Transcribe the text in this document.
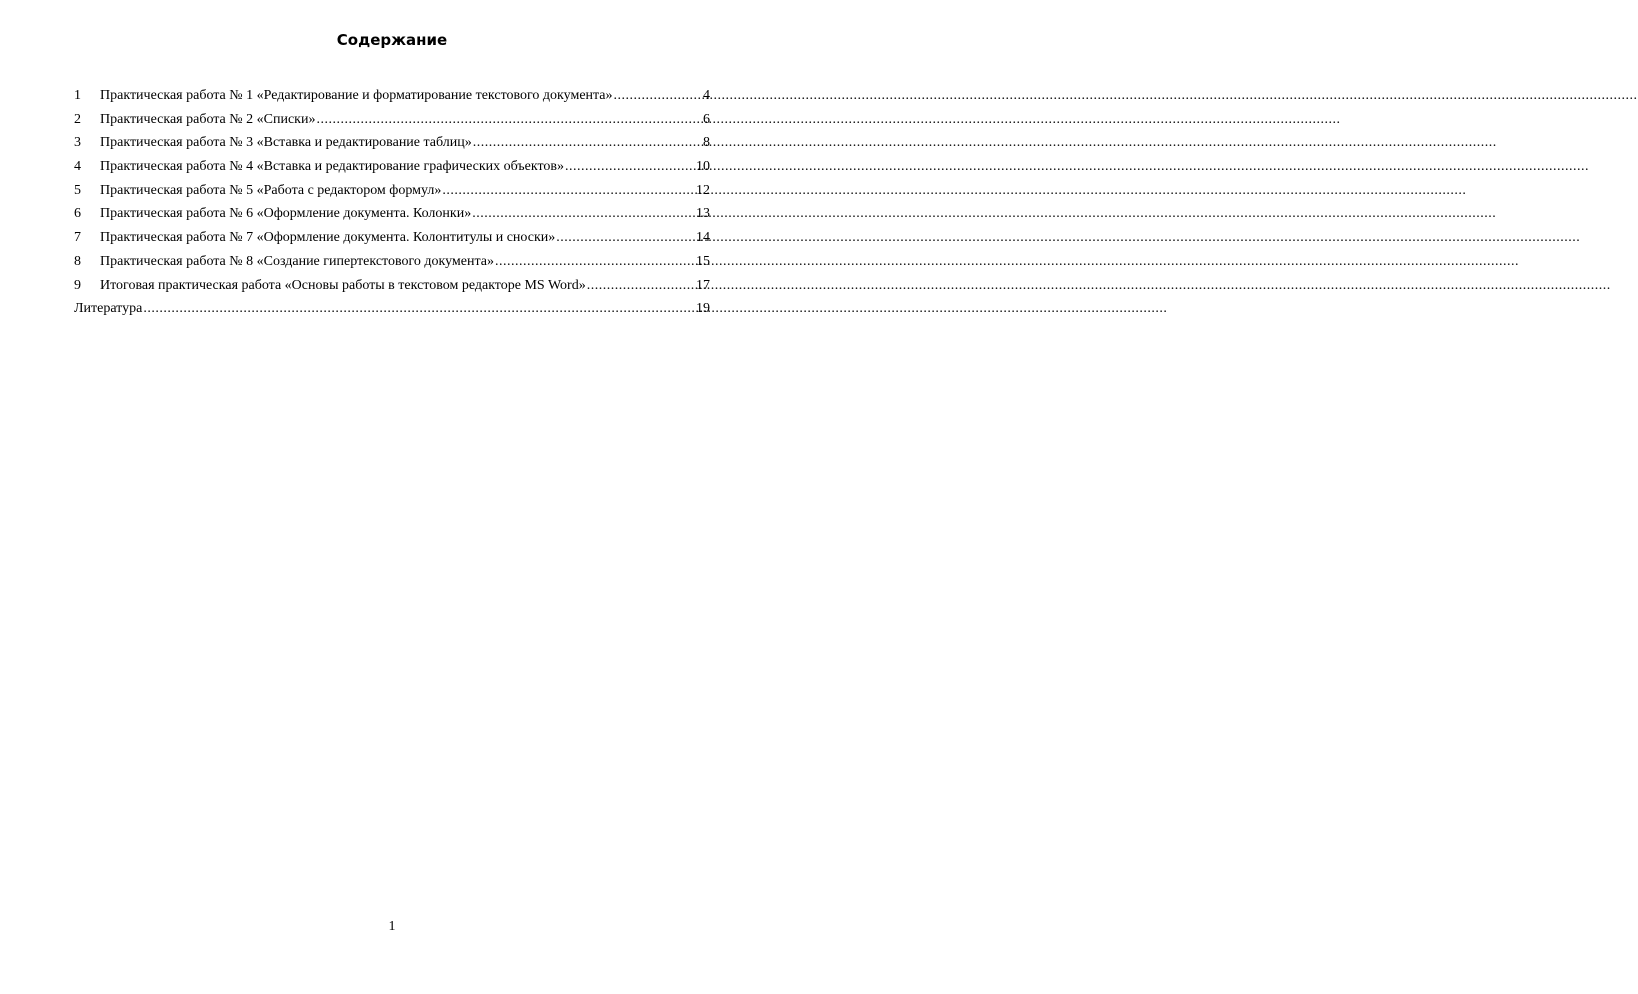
Содержание
1	Практическая работа № 1 «Редактирование и форматирование текстового документа» .....	4
2	Практическая работа № 2 «Списки» .....	6
3	Практическая работа № 3 «Вставка и редактирование таблиц» .....	8
4	Практическая работа № 4 «Вставка и редактирование графических объектов» .....	10
5	Практическая работа № 5 «Работа с редактором формул» .....	12
6	Практическая работа № 6 «Оформление документа. Колонки» .....	13
7	Практическая работа № 7 «Оформление документа. Колонтитулы и сноски» .....	14
8	Практическая работа № 8 «Создание гипертекстового документа» .....	15
9	Итоговая практическая работа «Основы работы в текстовом редакторе MS Word» .....	17
Литература .....	19
1
